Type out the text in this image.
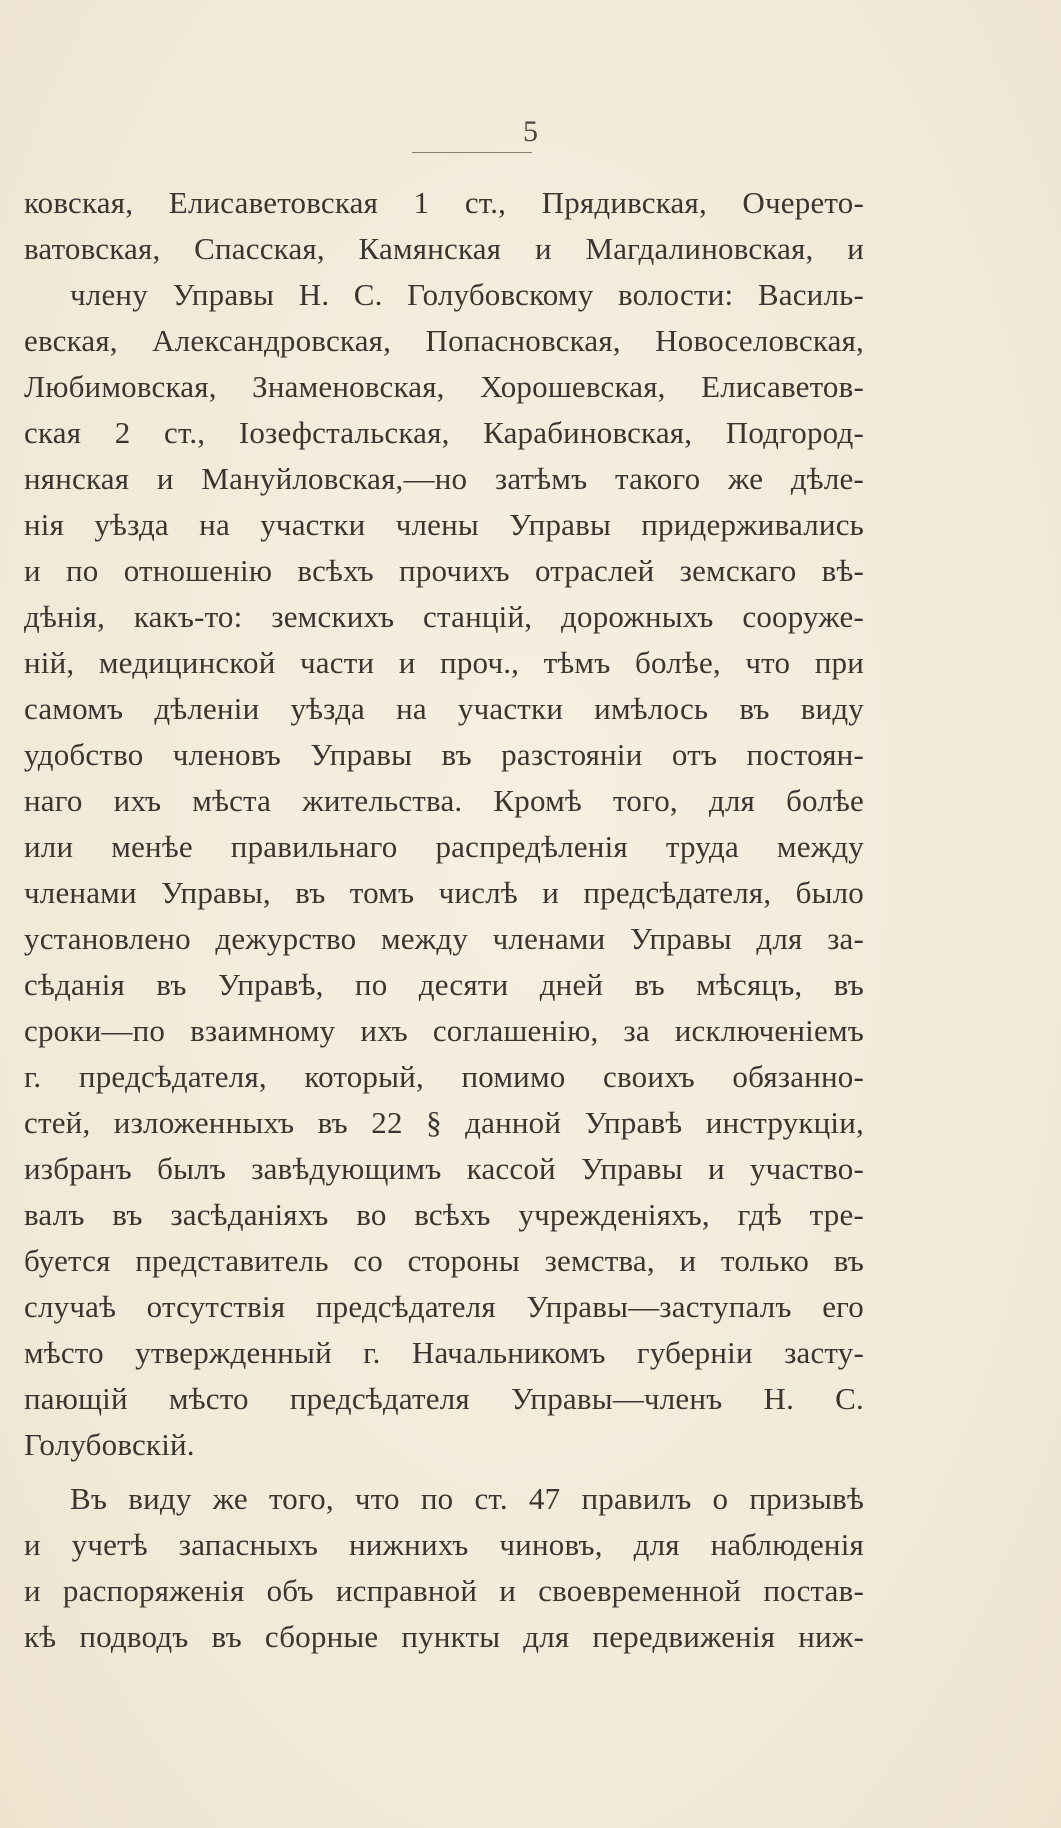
5
ковская, Елисаветовская 1 ст., Прядивская, Очерето-
ватовская, Спасская, Камянская и Магдалиновская, и
члену Управы Н. С. Голубовскому волости: Василь-
евская, Александровская, Попасновская, Новоселовская,
Любимовская, Знаменовская, Хорошевская, Елисаветов-
ская 2 ст., Iозефстальская, Карабиновская, Подгород-
нянская и Мануйловская,—но затѣмъ такого же дѣле-
нiя уѣзда на участки члены Управы придерживались
и по отношенiю всѣхъ прочихъ отраслей земскаго вѣ-
дѣнiя, какъ-то: земскихъ станцiй, дорожныхъ сооруже-
нiй, медицинской части и проч., тѣмъ болѣе, что при
самомъ дѣленiи уѣзда на участки имѣлось въ виду
удобство членовъ Управы въ разстоянiи отъ постоян-
наго ихъ мѣста жительства. Кромѣ того, для болѣе
или менѣе правильнаго распредѣленiя труда между
членами Управы, въ томъ числѣ и предсѣдателя, было
установлено дежурство между членами Управы для за-
сѣданiя въ Управѣ, по десяти дней въ мѣсяцъ, въ
сроки—по взаимному ихъ соглашенiю, за исключенiемъ
г. предсѣдателя, который, помимо своихъ обязанно-
стей, изложенныхъ въ 22 § данной Управѣ инструкцiи,
избранъ былъ завѣдующимъ кассой Управы и участво-
валъ въ засѣданiяхъ во всѣхъ учрежденiяхъ, гдѣ тре-
буется представитель со стороны земства, и только въ
случаѣ отсутствiя предсѣдателя Управы—заступалъ его
мѣсто утвержденный г. Начальникомъ губернiи засту-
пающiй мѣсто предсѣдателя Управы—членъ Н. С.
Голубовскiй.
Въ виду же того, что по ст. 47 правилъ о призывѣ
и учетѣ запасныхъ нижнихъ чиновъ, для наблюденiя
и распоряженiя объ исправной и своевременной постав-
кѣ подводъ въ сборные пункты для передвиженiя ниж-
